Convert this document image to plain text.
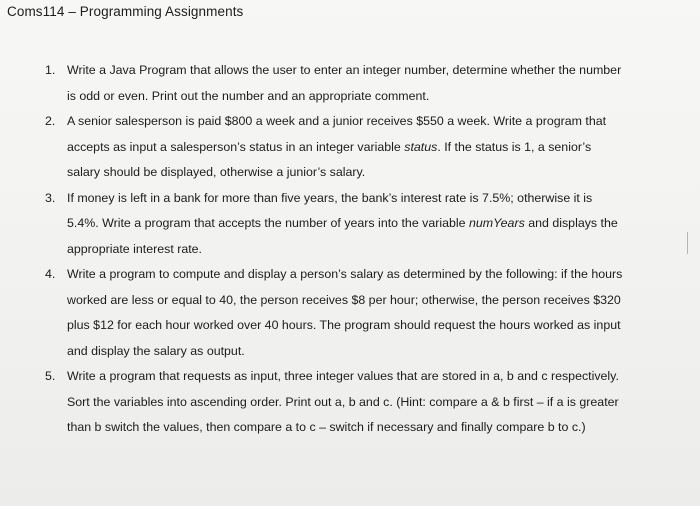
Coms114 – Programming Assignments
1. Write a Java Program that allows the user to enter an integer number, determine whether the number is odd or even. Print out the number and an appropriate comment.
2. A senior salesperson is paid $800 a week and a junior receives $550 a week. Write a program that accepts as input a salesperson’s status in an integer variable status. If the status is 1, a senior’s salary should be displayed, otherwise a junior’s salary.
3. If money is left in a bank for more than five years, the bank’s interest rate is 7.5%; otherwise it is 5.4%. Write a program that accepts the number of years into the variable numYears and displays the appropriate interest rate.
4. Write a program to compute and display a person’s salary as determined by the following: if the hours worked are less or equal to 40, the person receives $8 per hour; otherwise, the person receives $320 plus $12 for each hour worked over 40 hours. The program should request the hours worked as input and display the salary as output.
5. Write a program that requests as input, three integer values that are stored in a, b and c respectively. Sort the variables into ascending order. Print out a, b and c. (Hint: compare a & b first – if a is greater than b switch the values, then compare a to c – switch if necessary and finally compare b to c.)
